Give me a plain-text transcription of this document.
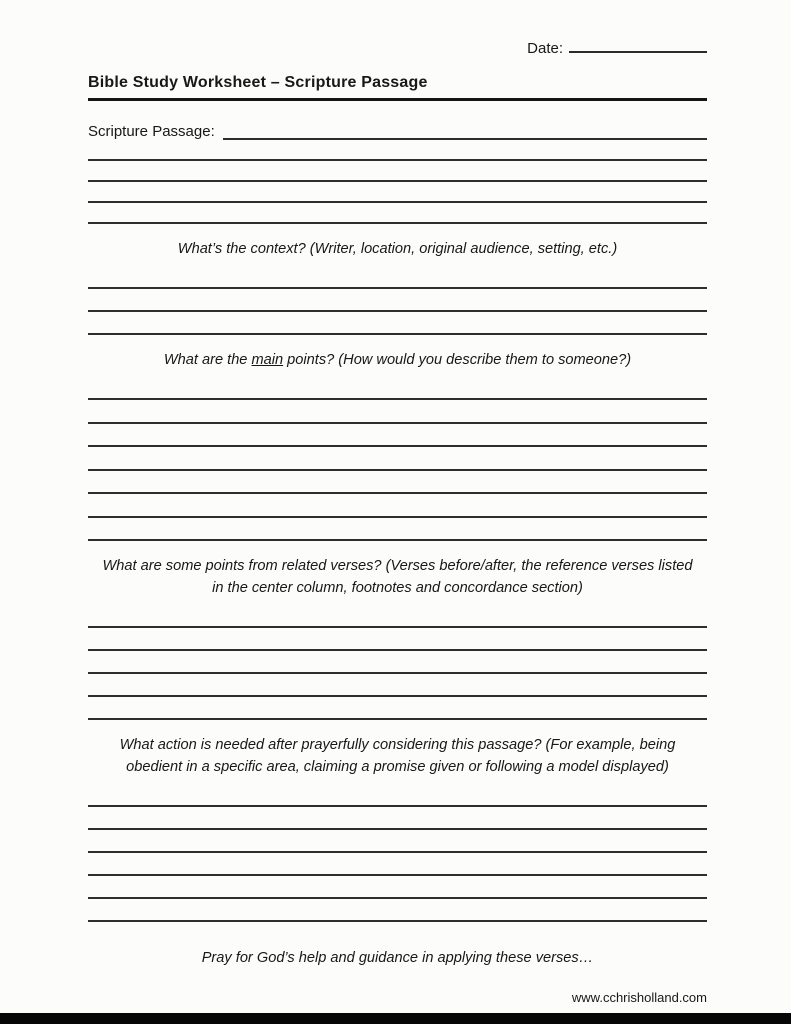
Date:
Bible Study Worksheet – Scripture Passage
Scripture Passage:
What’s the context? (Writer, location, original audience, setting, etc.)
What are the main points? (How would you describe them to someone?)
What are some points from related verses? (Verses before/after, the reference verses listed in the center column, footnotes and concordance section)
What action is needed after prayerfully considering this passage? (For example, being obedient in a specific area, claiming a promise given or following a model displayed)
Pray for God’s help and guidance in applying these verses…
www.cchrisholland.com
